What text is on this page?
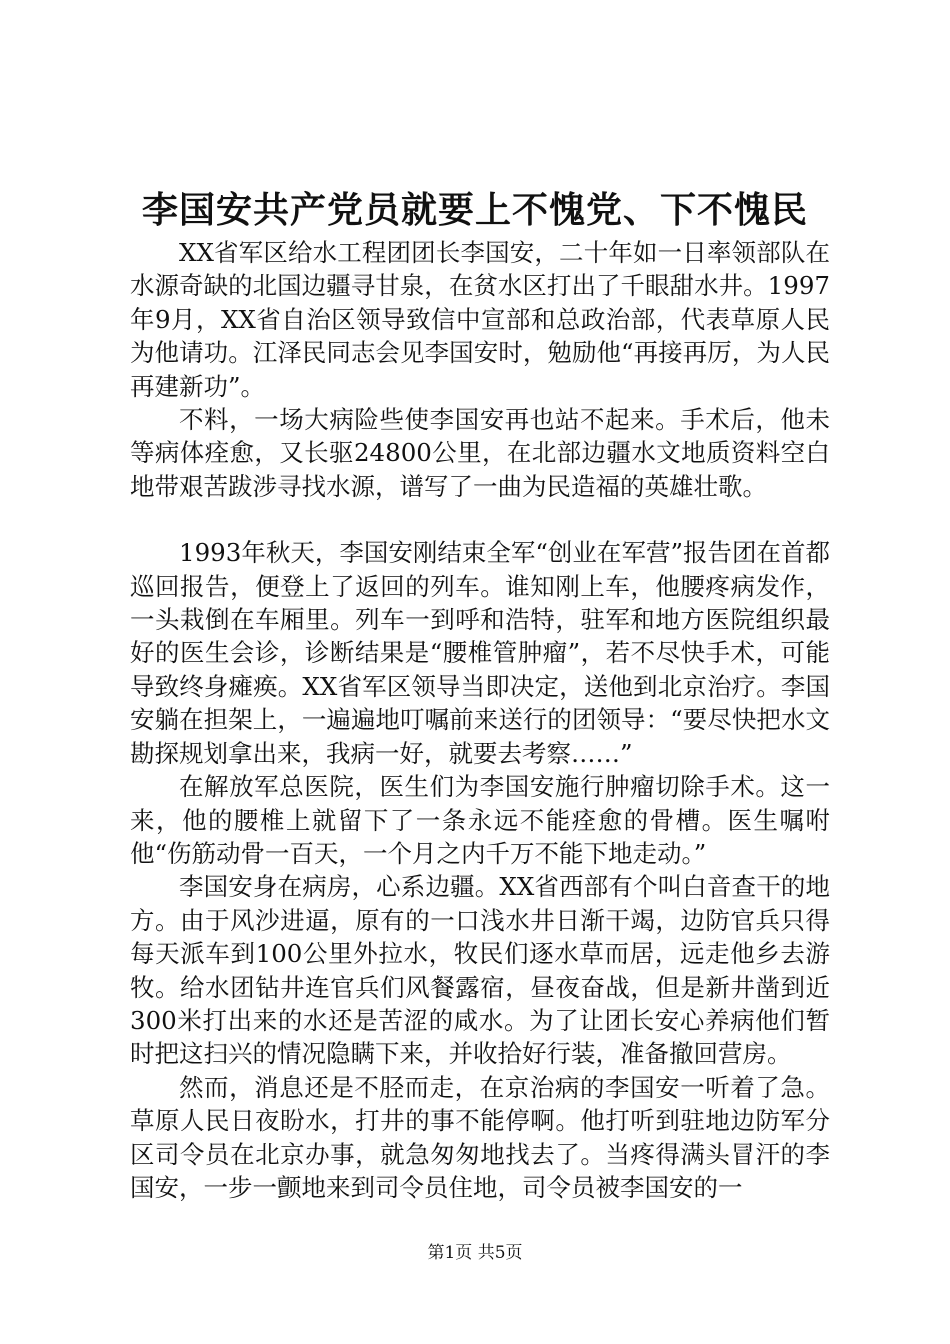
李国安共产党员就要上不愧党、下不愧民

XX省军区给水工程团团长李国安，二十年如一日率领部队在水源奇缺的北国边疆寻甘泉，在贫水区打出了千眼甜水井。1997年9月，XX省自治区领导致信中宣部和总政治部，代表草原人民为他请功。江泽民同志会见李国安时，勉励他“再接再厉，为人民再建新功”。

不料，一场大病险些使李国安再也站不起来。手术后，他未等病体痊愈，又长驱24800公里，在北部边疆水文地质资料空白地带艰苦跋涉寻找水源，谱写了一曲为民造福的英雄壮歌。

1993年秋天，李国安刚结束全军“创业在军营”报告团在首都巡回报告，便登上了返回的列车。谁知刚上车，他腰疼病发作，一头栽倒在车厢里。列车一到呼和浩特，驻军和地方医院组织最好的医生会诊，诊断结果是“腰椎管肿瘤”，若不尽快手术，可能导致终身瘫痪。XX省军区领导当即决定，送他到北京治疗。李国安躺在担架上，一遍遍地叮嘱前来送行的团领导：“要尽快把水文勘探规划拿出来，我病一好，就要去考察……”

在解放军总医院，医生们为李国安施行肿瘤切除手术。这一来，他的腰椎上就留下了一条永远不能痊愈的骨槽。医生嘱咐他“伤筋动骨一百天，一个月之内千万不能下地走动。”

李国安身在病房，心系边疆。XX省西部有个叫白音查干的地方。由于风沙进逼，原有的一口浅水井日渐干竭，边防官兵只得每天派车到100公里外拉水，牧民们逐水草而居，远走他乡去游牧。给水团钻井连官兵们风餐露宿，昼夜奋战，但是新井凿到近300米打出来的水还是苦涩的咸水。为了让团长安心养病他们暂时把这扫兴的情况隐瞒下来，并收拾好行装，准备撤回营房。

然而，消息还是不胫而走，在京治病的李国安一听着了急。草原人民日夜盼水，打井的事不能停啊。他打听到驻地边防军分区司令员在北京办事，就急匆匆地找去了。当疼得满头冒汗的李国安，一步一颤地来到司令员住地，司令员被李国安的一

第1页 共5页
